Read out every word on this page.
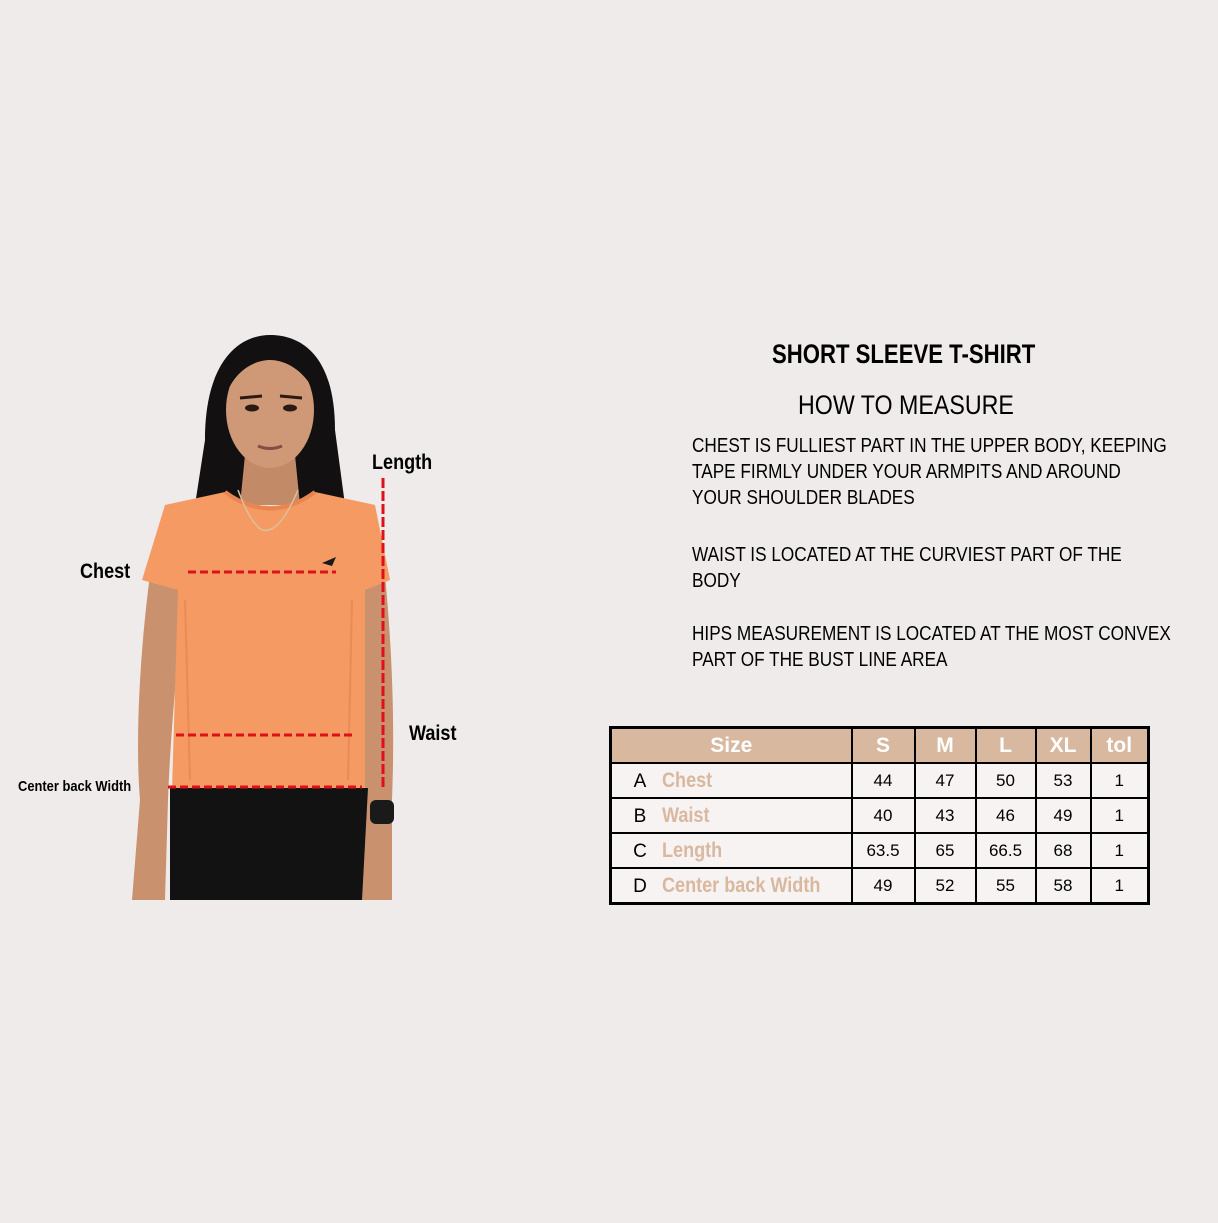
Length
Chest
Waist
Center back Width
SHORT SLEEVE T-SHIRT
HOW TO MEASURE

CHEST IS FULLIEST PART IN THE UPPER BODY, KEEPING TAPE FIRMLY UNDER YOUR ARMPITS AND AROUND YOUR SHOULDER BLADES

WAIST IS LOCATED AT THE CURVIEST PART OF THE BODY

HIPS MEASUREMENT IS LOCATED AT THE MOST CONVEX PART OF THE BUST LINE AREA

Size	S	M	L	XL	tol
A Chest	44	47	50	53	1
B Waist	40	43	46	49	1
C Length	63.5	65	66.5	68	1
D Center back Width	49	52	55	58	1
